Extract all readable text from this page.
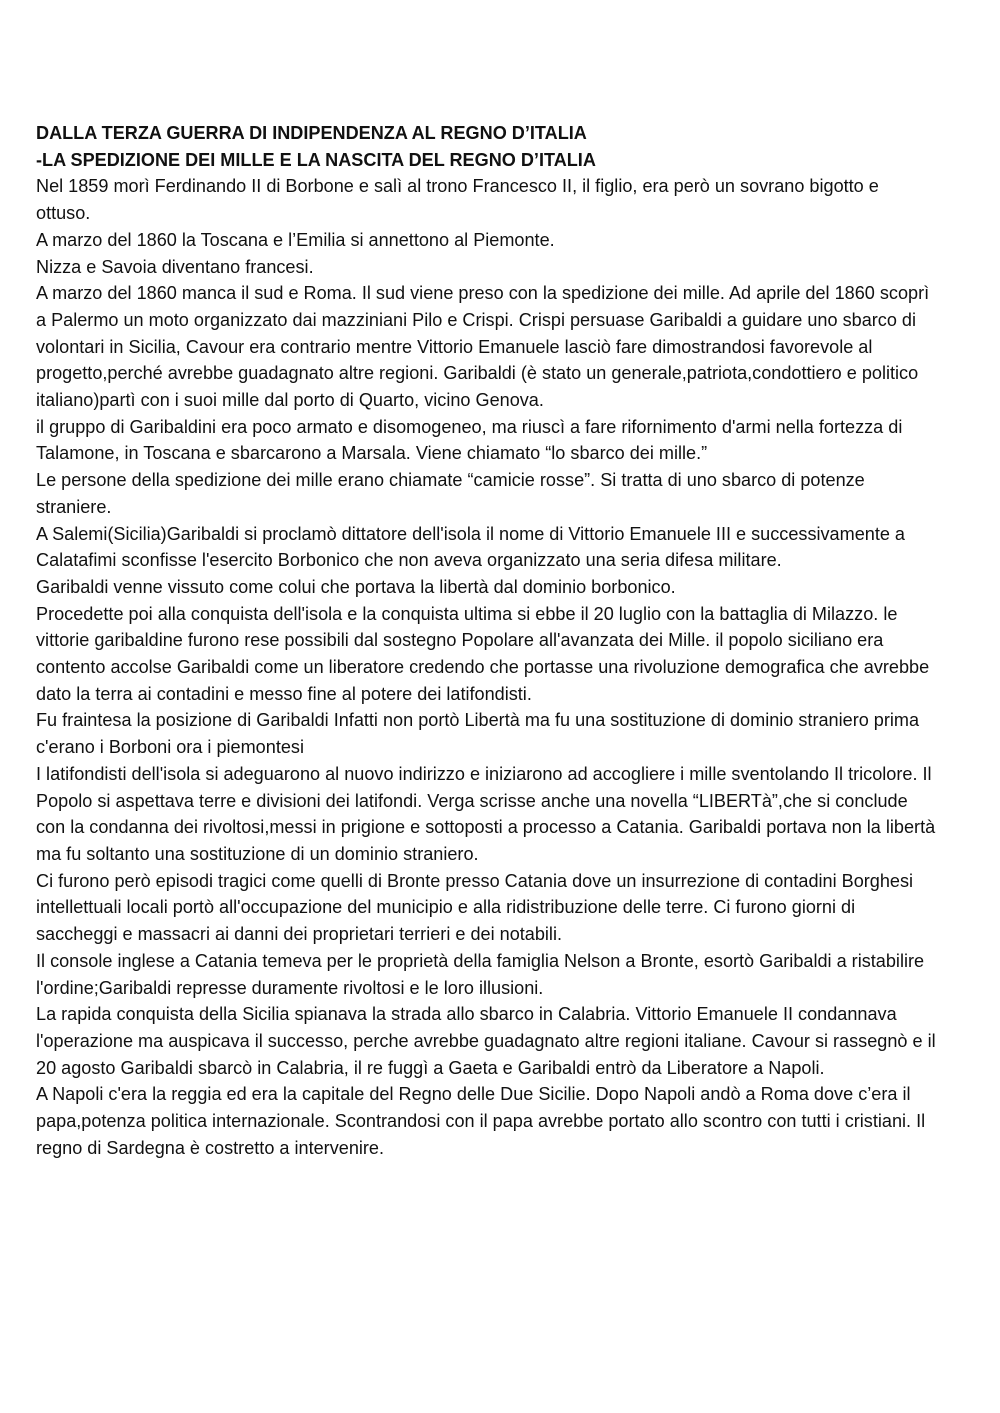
DALLA TERZA GUERRA DI INDIPENDENZA AL REGNO D’ITALIA

-LA SPEDIZIONE DEI MILLE E LA NASCITA DEL REGNO D’ITALIA

Nel 1859 morì Ferdinando II di Borbone e salì al trono Francesco II, il figlio, era però un sovrano bigotto e ottuso.

A marzo del 1860 la Toscana e l’Emilia si annettono al Piemonte.

Nizza e Savoia diventano francesi.

A marzo del 1860 manca il sud e Roma. Il sud viene preso con la spedizione dei mille. Ad aprile del 1860 scoprì a Palermo un moto organizzato dai mazziniani Pilo e Crispi. Crispi persuase Garibaldi a guidare uno sbarco di volontari in Sicilia, Cavour era contrario mentre Vittorio Emanuele lasciò fare dimostrandosi favorevole al progetto,perché avrebbe guadagnato altre regioni. Garibaldi (è stato un generale,patriota,condottiero e politico italiano)partì con i suoi mille dal porto di Quarto, vicino Genova.

il gruppo di Garibaldini era poco armato e disomogeneo, ma riuscì a fare rifornimento d'armi nella fortezza di Talamone, in Toscana e sbarcarono a Marsala. Viene chiamato “lo sbarco dei mille.”

Le persone della spedizione dei mille erano chiamate “camicie rosse”. Si tratta di uno sbarco di potenze straniere.

A Salemi(Sicilia)Garibaldi si proclamò dittatore dell'isola il nome di Vittorio Emanuele III e successivamente a Calatafimi sconfisse l'esercito Borbonico che non aveva organizzato una seria difesa militare.

Garibaldi venne vissuto come colui che portava la libertà dal dominio borbonico.

Procedette poi alla conquista dell'isola e la conquista ultima si ebbe il 20 luglio con la battaglia di Milazzo. le vittorie garibaldine furono rese possibili dal sostegno Popolare all'avanzata dei Mille. il popolo siciliano era contento accolse Garibaldi come un liberatore credendo che portasse una rivoluzione demografica che avrebbe dato la terra ai contadini e messo fine al potere dei latifondisti.

Fu fraintesa la posizione di Garibaldi Infatti non portò Libertà ma fu una sostituzione di dominio straniero prima c'erano i Borboni ora i piemontesi

I latifondisti dell'isola si adeguarono al nuovo indirizzo e iniziarono ad accogliere i mille sventolando Il tricolore. Il Popolo si aspettava terre e divisioni dei latifondi. Verga scrisse anche una novella “LIBERTà”,che si conclude con la condanna dei rivoltosi,messi in prigione e sottoposti a processo a Catania. Garibaldi portava non la libertà ma fu soltanto una sostituzione di un dominio straniero.

Ci furono però episodi tragici come quelli di Bronte presso Catania dove un insurrezione di contadini Borghesi intellettuali locali portò all'occupazione del municipio e alla ridistribuzione delle terre. Ci furono giorni di saccheggi e massacri ai danni dei proprietari terrieri e dei notabili.

Il console inglese a Catania temeva per le proprietà della famiglia Nelson a Bronte, esortò Garibaldi a ristabilire l'ordine;Garibaldi represse duramente rivoltosi e le loro illusioni.

La rapida conquista della Sicilia spianava la strada allo sbarco in Calabria. Vittorio Emanuele II condannava l'operazione ma auspicava il successo, perche avrebbe guadagnato altre regioni italiane. Cavour si rassegnò e il 20 agosto Garibaldi sbarcò in Calabria, il re fuggì a Gaeta e Garibaldi entrò da Liberatore a Napoli.

A Napoli c'era la reggia ed era la capitale del Regno delle Due Sicilie. Dopo Napoli andò a Roma dove c’era il papa,potenza politica internazionale. Scontrandosi con il papa avrebbe portato allo scontro con tutti i cristiani. Il regno di Sardegna è costretto a intervenire.
